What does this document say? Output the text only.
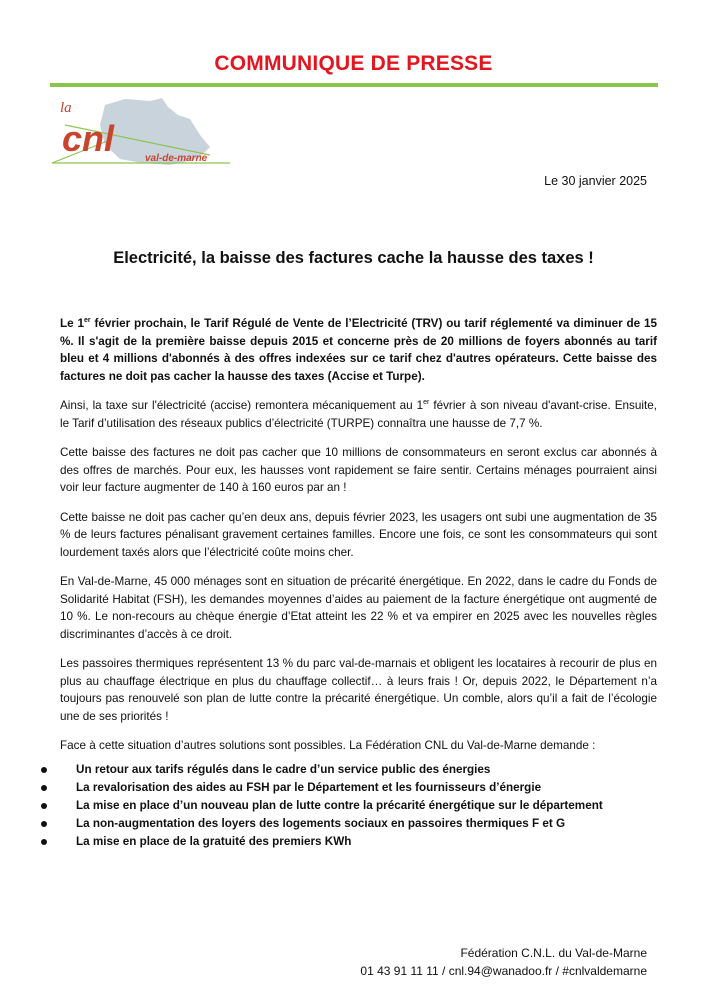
COMMUNIQUE DE PRESSE
la
cnl	val-de-marne
Le 30 janvier 2025
Electricité, la baisse des factures cache la hausse des taxes !

Le 1er février prochain, le Tarif Régulé de Vente de l’Electricité (TRV) ou tarif réglementé va diminuer de 15 %. Il s'agit de la première baisse depuis 2015 et concerne près de 20 millions de foyers abonnés au tarif bleu et 4 millions d'abonnés à des offres indexées sur ce tarif chez d'autres opérateurs. Cette baisse des factures ne doit pas cacher la hausse des taxes (Accise et Turpe).

Ainsi, la taxe sur l'électricité (accise) remontera mécaniquement au 1er février à son niveau d'avant-crise. Ensuite, le Tarif d’utilisation des réseaux publics d’électricité (TURPE) connaîtra une hausse de 7,7 %.

Cette baisse des factures ne doit pas cacher que 10 millions de consommateurs en seront exclus car abonnés à des offres de marchés. Pour eux, les hausses vont rapidement se faire sentir. Certains ménages pourraient ainsi voir leur facture augmenter de 140 à 160 euros par an !

Cette baisse ne doit pas cacher qu’en deux ans, depuis février 2023, les usagers ont subi une augmentation de 35 % de leurs factures pénalisant gravement certaines familles. Encore une fois, ce sont les consommateurs qui sont lourdement taxés alors que l’électricité coûte moins cher.

En Val-de-Marne, 45 000 ménages sont en situation de précarité énergétique. En 2022, dans le cadre du Fonds de Solidarité Habitat (FSH), les demandes moyennes d’aides au paiement de la facture énergétique ont augmenté de 10 %. Le non-recours au chèque énergie d’Etat atteint les 22 % et va empirer en 2025 avec les nouvelles règles discriminantes d’accès à ce droit.

Les passoires thermiques représentent 13 % du parc val-de-marnais et obligent les locataires à recourir de plus en plus au chauffage électrique en plus du chauffage collectif… à leurs frais ! Or, depuis 2022, le Département n’a toujours pas renouvelé son plan de lutte contre la précarité énergétique. Un comble, alors qu’il a fait de l’écologie une de ses priorités !

Face à cette situation d’autres solutions sont possibles. La Fédération CNL du Val-de-Marne demande :

Un retour aux tarifs régulés dans le cadre d’un service public des énergies
La revalorisation des aides au FSH par le Département et les fournisseurs d’énergie
La mise en place d’un nouveau plan de lutte contre la précarité énergétique sur le département
La non-augmentation des loyers des logements sociaux en passoires thermiques F et G
La mise en place de la gratuité des premiers KWh
Fédération C.N.L. du Val-de-Marne
01 43 91 11 11 / cnl.94@wanadoo.fr / #cnlvaldemarne
